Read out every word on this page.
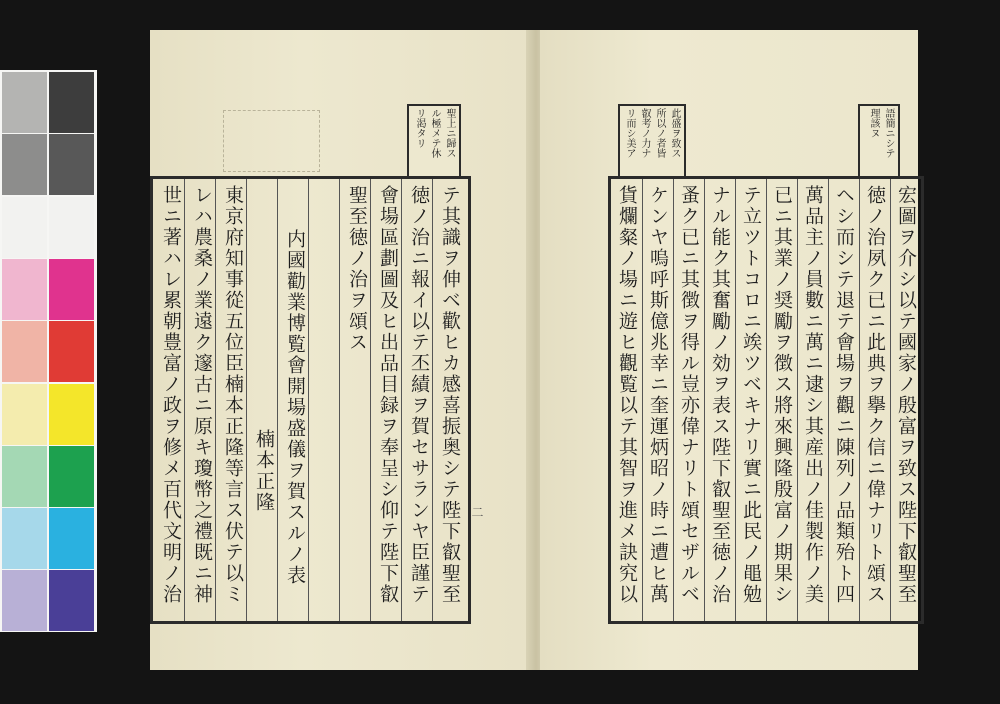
聖上ニ歸ス
ル極メテ休
リ渇タリ
テ其識ヲ伸ベ歡ヒカ感喜振奥シテ陛下叡聖至
徳ノ治ニ報イ以テ丕績ヲ賀セサランヤ臣謹テ
會場區劃圖及ヒ出品目録ヲ奉呈シ仰テ陛下叡
聖至徳ノ治ヲ頌ス
内國勸業博覧會開場盛儀ヲ賀スルノ表
楠本正隆
東京府知事從五位臣楠本正隆等言ス伏テ以ミ
レハ農桑ノ業遠ク邃古ニ原キ瓊幣之禮既ニ神
世ニ著ハレ累朝豊富ノ政ヲ修メ百代文明ノ治	二
此盛ヲ致ス
所以ノ者皆
叡考ノ力ナ
リ而シ美ア	語簡ニシテ
理該ヌ
宏圖ヲ介シ以テ國家ノ殷富ヲ致ス陛下叡聖至
徳ノ治夙ク已ニ此典ヲ擧ク信ニ偉ナリト頌ス
ヘシ而シテ退テ會場ヲ觀ニ陳列ノ品類殆ト四
萬品主ノ員數ニ萬ニ逮シ其産出ノ佳製作ノ美
已ニ其業ノ奨勵ヲ徴ス將來興隆殷富ノ期果シ
テ立ツトコロニ竢ツベキナリ實ニ此民ノ黽勉
ナル能ク其奮勵ノ効ヲ表ス陛下叡聖至徳ノ治
蚤ク已ニ其徴ヲ得ル豈亦偉ナリト頌セザルベ
ケンヤ嗚呼斯億兆幸ニ奎運炳昭ノ時ニ遭ヒ萬
貨爛粲ノ場ニ遊ヒ觀覧以テ其智ヲ進メ訣究以
